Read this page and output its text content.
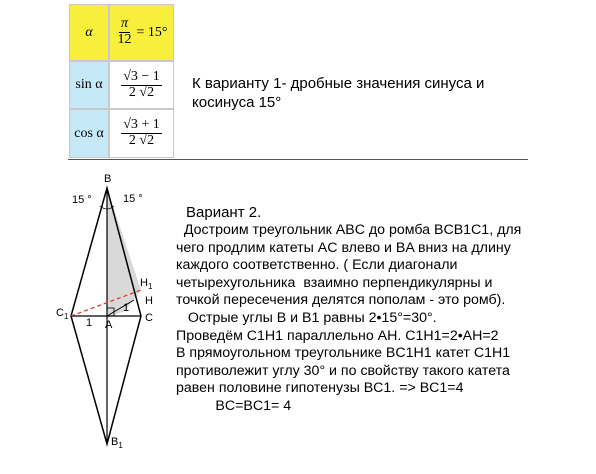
α $\frac{\pi}{12} = 15^\circ$
sin α $\frac{√3 - 1}{2 √2}$
cos α $\frac{√3 + 1}{2 √2}$
К варианту 1- дробные значения синуса и
косинуса 15°
B
15 °	15 °
$H_1$
H
$C_1$	C
A
1
1
$B_1$
Вариант 2.
Достроим треугольник ABC до ромба BCB1C1, для
чего продлим катеты AC влево и BA вниз на длину
каждого соответственно. ( Если диагонали
четырехугольника  взаимно перпендикулярны и
точкой пересечения делятся пополам - это ромб).
Острые углы B и B1 равны 2•15°=30°.
Проведём C1H1 параллельно AH. C1H1=2•AH=2
В прямоугольном треугольнике BC1H1 катет C1H1
противолежит углу 30° и по свойству такого катета
равен половине гипотенузы BC1. => BC1=4
BC=BC1= 4
